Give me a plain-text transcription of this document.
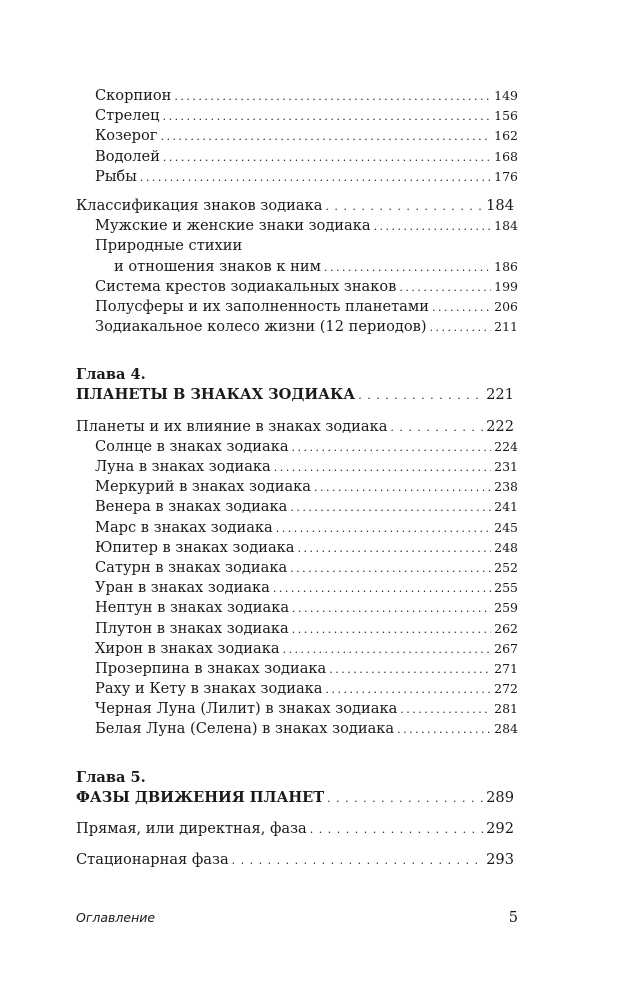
Скорпион . . .	149
Стрелец . . .	156
Козерог . . .	162
Водолей . . .	168
Рыбы . . .	176
Классификация знаков зодиака . . .	184
Мужские и женские знаки зодиака . . .	184
Природные стихии
и отношения знаков к ним . . .	186
Система крестов зодиакальных знаков . . .	199
Полусферы и их заполненность планетами . . .	206
Зодиакальное колесо жизни (12 периодов) . . .	211
Глава 4.
ПЛАНЕТЫ В ЗНАКАХ ЗОДИАКА . . .	221
Планеты и их влияние в знаках зодиака . . .	222
Солнце в знаках зодиака . . .	224
Луна в знаках зодиака . . .	231
Меркурий в знаках зодиака . . .	238
Венера в знаках зодиака . . .	241
Марс в знаках зодиака . . .	245
Юпитер в знаках зодиака . . .	248
Сатурн в знаках зодиака . . .	252
Уран в знаках зодиака . . .	255
Нептун в знаках зодиака . . .	259
Плутон в знаках зодиака . . .	262
Хирон в знаках зодиака . . .	267
Прозерпина в знаках зодиака . . .	271
Раху и Кету в знаках зодиака . . .	272
Черная Луна (Лилит) в знаках зодиака . . .	281
Белая Луна (Селена) в знаках зодиака . . .	284
Глава 5.
ФАЗЫ ДВИЖЕНИЯ ПЛАНЕТ . . .	289
Прямая, или директная, фаза . . .	292
Стационарная фаза . . .	293
Оглавление	5
